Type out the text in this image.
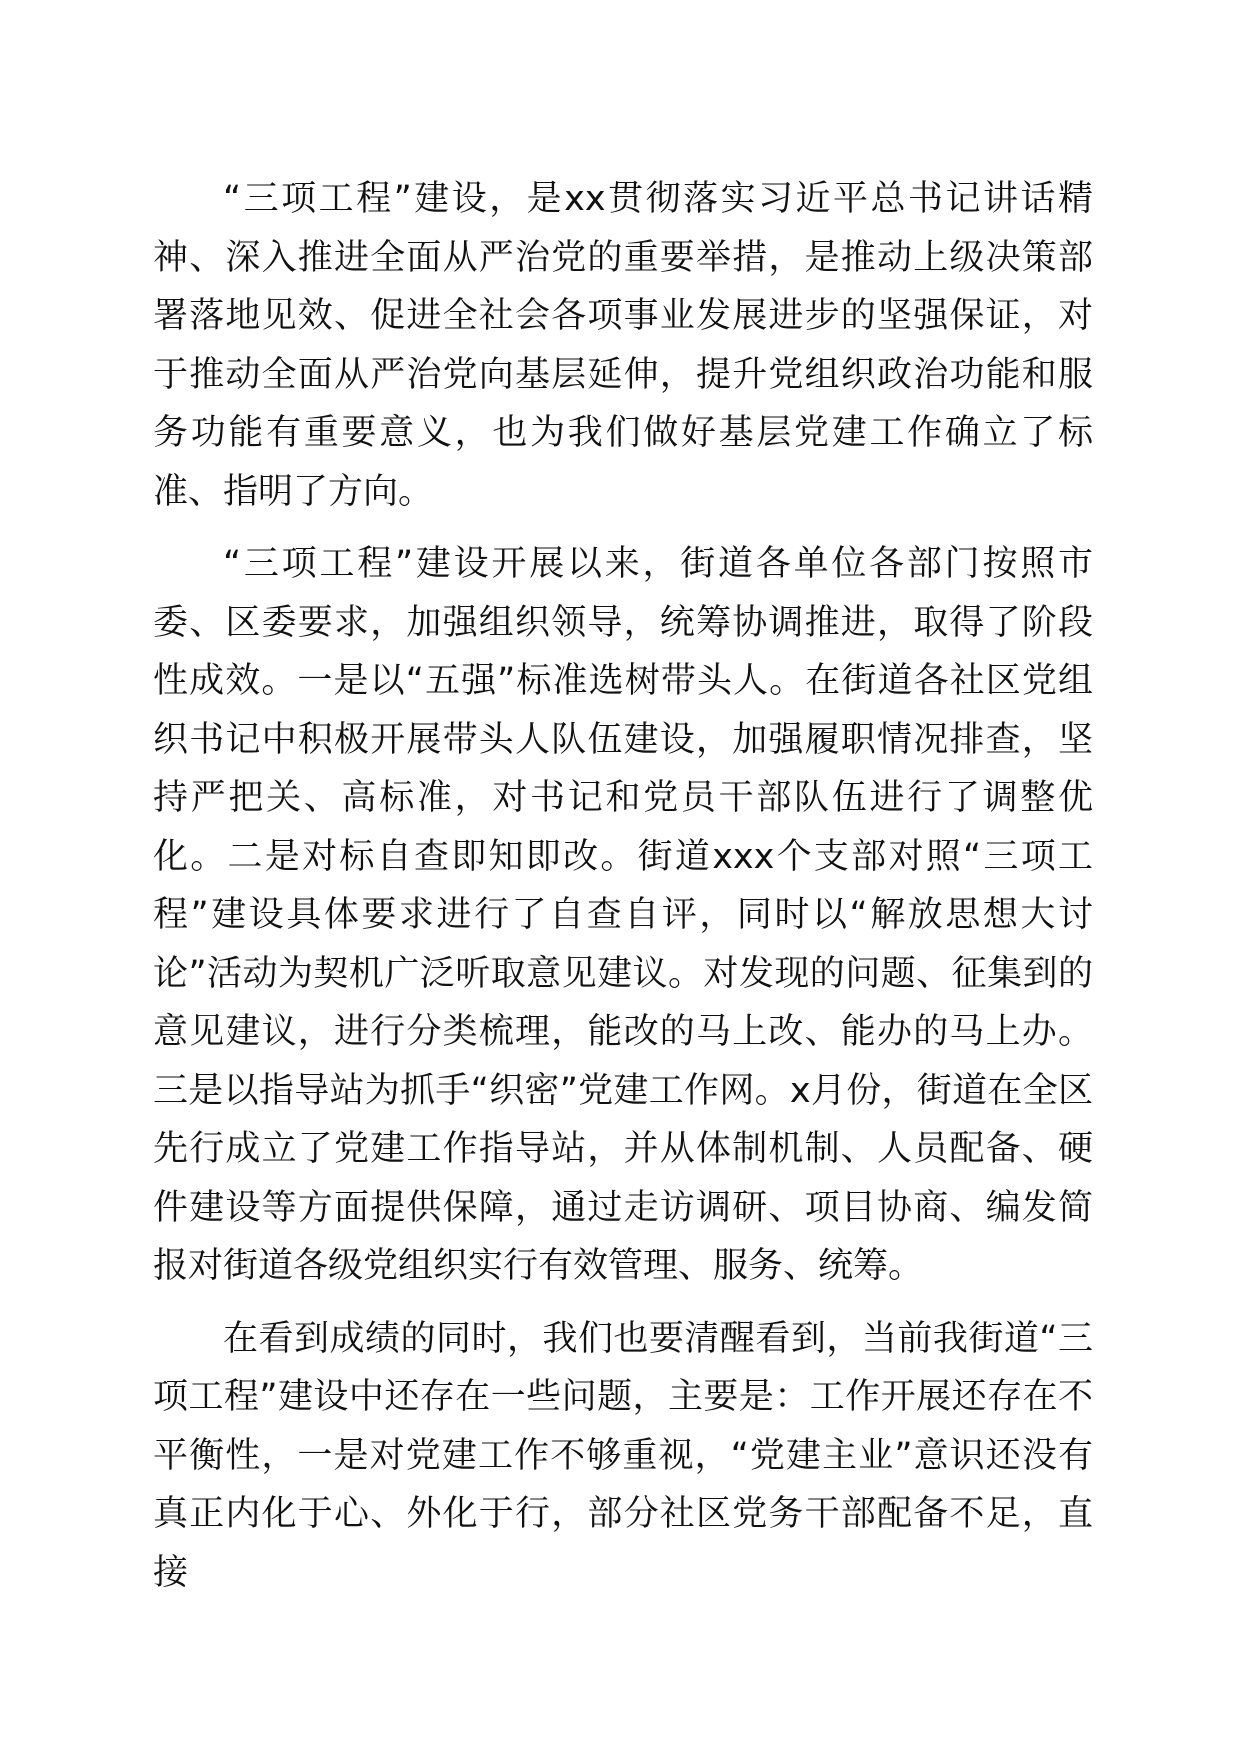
“三项工程”建设，是xx贯彻落实习近平总书记讲话精神、深入推进全面从严治党的重要举措，是推动上级决策部署落地见效、促进全社会各项事业发展进步的坚强保证，对于推动全面从严治党向基层延伸，提升党组织政治功能和服务功能有重要意义，也为我们做好基层党建工作确立了标准、指明了方向。

“三项工程”建设开展以来，街道各单位各部门按照市委、区委要求，加强组织领导，统筹协调推进，取得了阶段性成效。一是以“五强”标准选树带头人。在街道各社区党组织书记中积极开展带头人队伍建设，加强履职情况排查，坚持严把关、高标准，对书记和党员干部队伍进行了调整优化。二是对标自查即知即改。街道xxx个支部对照“三项工程”建设具体要求进行了自查自评，同时以“解放思想大讨论”活动为契机广泛听取意见建议。对发现的问题、征集到的意见建议，进行分类梳理，能改的马上改、能办的马上办。三是以指导站为抓手“织密”党建工作网。x月份，街道在全区先行成立了党建工作指导站，并从体制机制、人员配备、硬件建设等方面提供保障，通过走访调研、项目协商、编发简报对街道各级党组织实行有效管理、服务、统筹。

在看到成绩的同时，我们也要清醒看到，当前我街道“三项工程”建设中还存在一些问题，主要是：工作开展还存在不平衡性，一是对党建工作不够重视，“党建主业”意识还没有真正内化于心、外化于行，部分社区党务干部配备不足，直接
